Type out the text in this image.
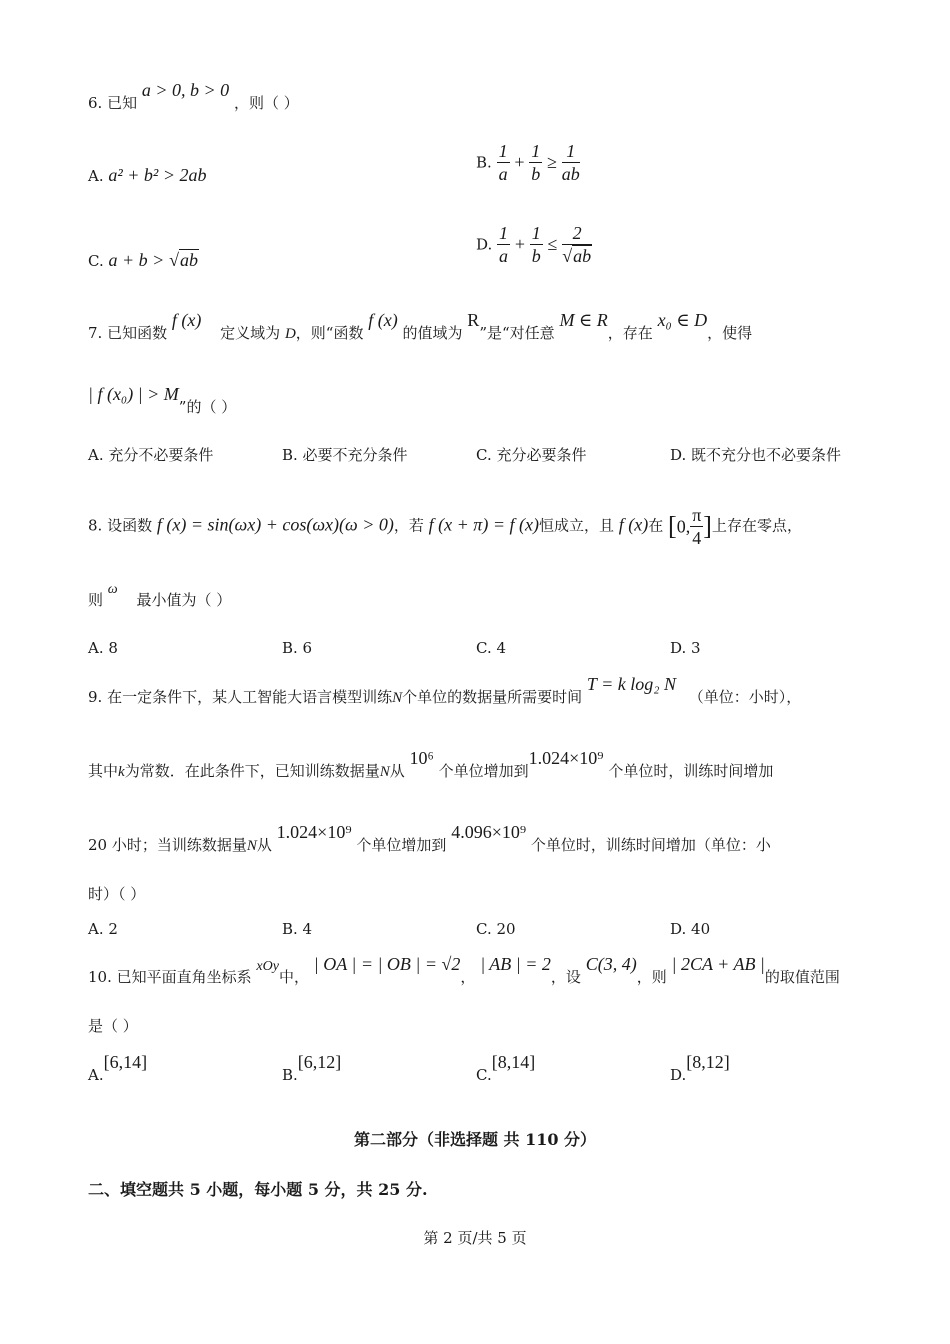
6. 已知 a > 0, b > 0 ，则（ ）
A. a² + b² > 2ab
B. $\frac{1}{a} + \frac{1}{b} \ge \frac{1}{ab}$
C. a + b > √ab
D. $\frac{1}{a} + \frac{1}{b} \le \frac{2}{√ab}$
7. 已知函数 f (x) 定义域为 D，则“函数 f (x) 的值域为 R”是“对任意 M ∈ R，存在 x₀ ∈ D，使得
| f (x₀) | > M”的（ ）
A. 充分不必要条件	B. 必要不充分条件	C. 充分必要条件	D. 既不充分也不必要条件
8. 设函数 f (x) = sin(ωx) + cos(ωx)(ω > 0)，若 f (x + π) = f (x)恒成立，且 f (x)在 [0, $\frac{\pi}{4}$ ]上存在零点，
则 ω 最小值为（ ）
A. 8	B. 6	C. 4	D. 3
9. 在一定条件下，某人工智能大语言模型训练N个单位的数据量所需要时间 T = k log₂ N （单位：小时），
其中k为常数．在此条件下，已知训练数据量N从 10⁶ 个单位增加到1.024×10⁹ 个单位时，训练时间增加
20 小时；当训练数据量N从 1.024×10⁹ 个单位增加到 4.096×10⁹ 个单位时，训练时间增加（单位：小
时）（ ）
A. 2	B. 4	C. 20	D. 40
10. 已知平面直角坐标系 xOy中， | OA | = | OB | = √2， | AB | = 2，设 C(3, 4)，则 | 2CA + AB |的取值范围
是（ ）
A.[6,14]
B.[6,12]
C.[8,14]
D.[8,12]
第二部分（非选择题 共 110 分）
二、填空题共 5 小题，每小题 5 分，共 25 分.
第 2 页/共 5 页
